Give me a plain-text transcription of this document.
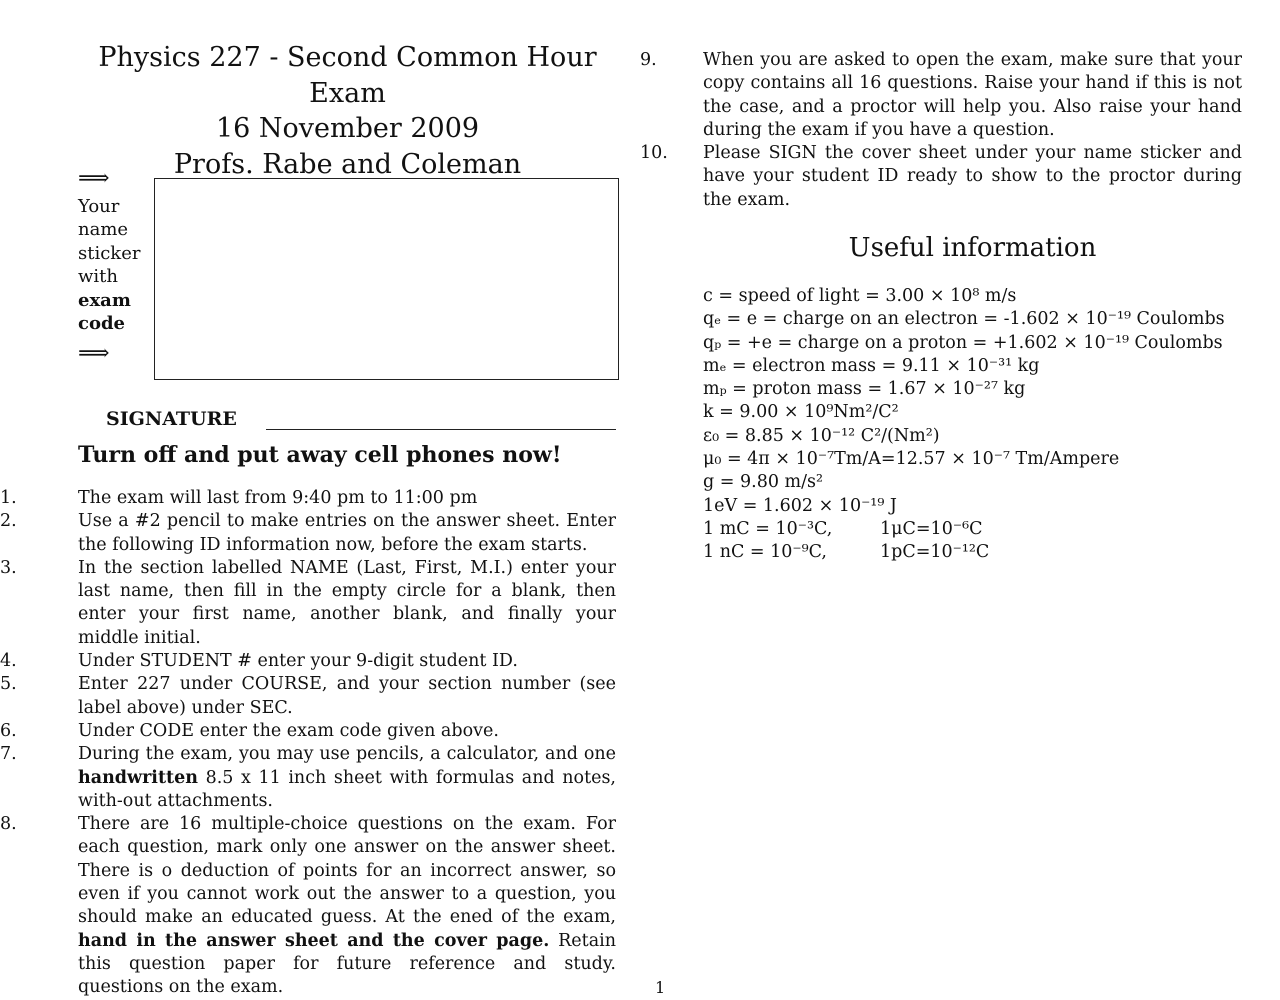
Physics 227 - Second Common Hour Exam
16 November 2009
Profs. Rabe and Coleman
⟹
Your
name
sticker
with
exam
code
⟹
SIGNATURE
Turn off and put away cell phones now!
1.	The exam will last from 9:40 pm to 11:00 pm
2.	Use a #2 pencil to make entries on the answer sheet. Enter the following ID information now, before the exam starts.
3.	In the section labelled NAME (Last, First, M.I.) enter your last name, then fill in the empty circle for a blank, then enter your first name, another blank, and finally your middle initial.
4.	Under STUDENT # enter your 9-digit student ID.
5.	Enter 227 under COURSE, and your section number (see label above) under SEC.
6.	Under CODE enter the exam code given above.
7.	During the exam, you may use pencils, a calculator, and one handwritten 8.5 x 11 inch sheet with formulas and notes, with-out attachments.
8.	There are 16 multiple-choice questions on the exam. For each question, mark only one answer on the answer sheet. There is o deduction of points for an incorrect answer, so even if you cannot work out the answer to a question, you should make an educated guess. At the ened of the exam, hand in the answer sheet and the cover page. Retain this question paper for future reference and study. questions on the exam.
9.	When you are asked to open the exam, make sure that your copy contains all 16 questions. Raise your hand if this is not the case, and a proctor will help you. Also raise your hand during the exam if you have a question.
10.	Please SIGN the cover sheet under your name sticker and have your student ID ready to show to the proctor during the exam.
Useful information
c = speed of light = 3.00 × 10⁸ m/s
qₑ = e = charge on an electron = -1.602 × 10⁻¹⁹ Coulombs
qₚ = +e = charge on a proton = +1.602 × 10⁻¹⁹ Coulombs
mₑ = electron mass = 9.11 × 10⁻³¹ kg
mₚ = proton mass = 1.67 × 10⁻²⁷ kg
k = 9.00 × 10⁹Nm²/C²
ε₀ = 8.85 × 10⁻¹² C²/(Nm²)
μ₀ = 4π × 10⁻⁷Tm/A=12.57 × 10⁻⁷ Tm/Ampere
g = 9.80 m/s²
1eV = 1.602 × 10⁻¹⁹ J
1 mC = 10⁻³C,	1μC=10⁻⁶C
1 nC = 10⁻⁹C,	1pC=10⁻¹²C
1
